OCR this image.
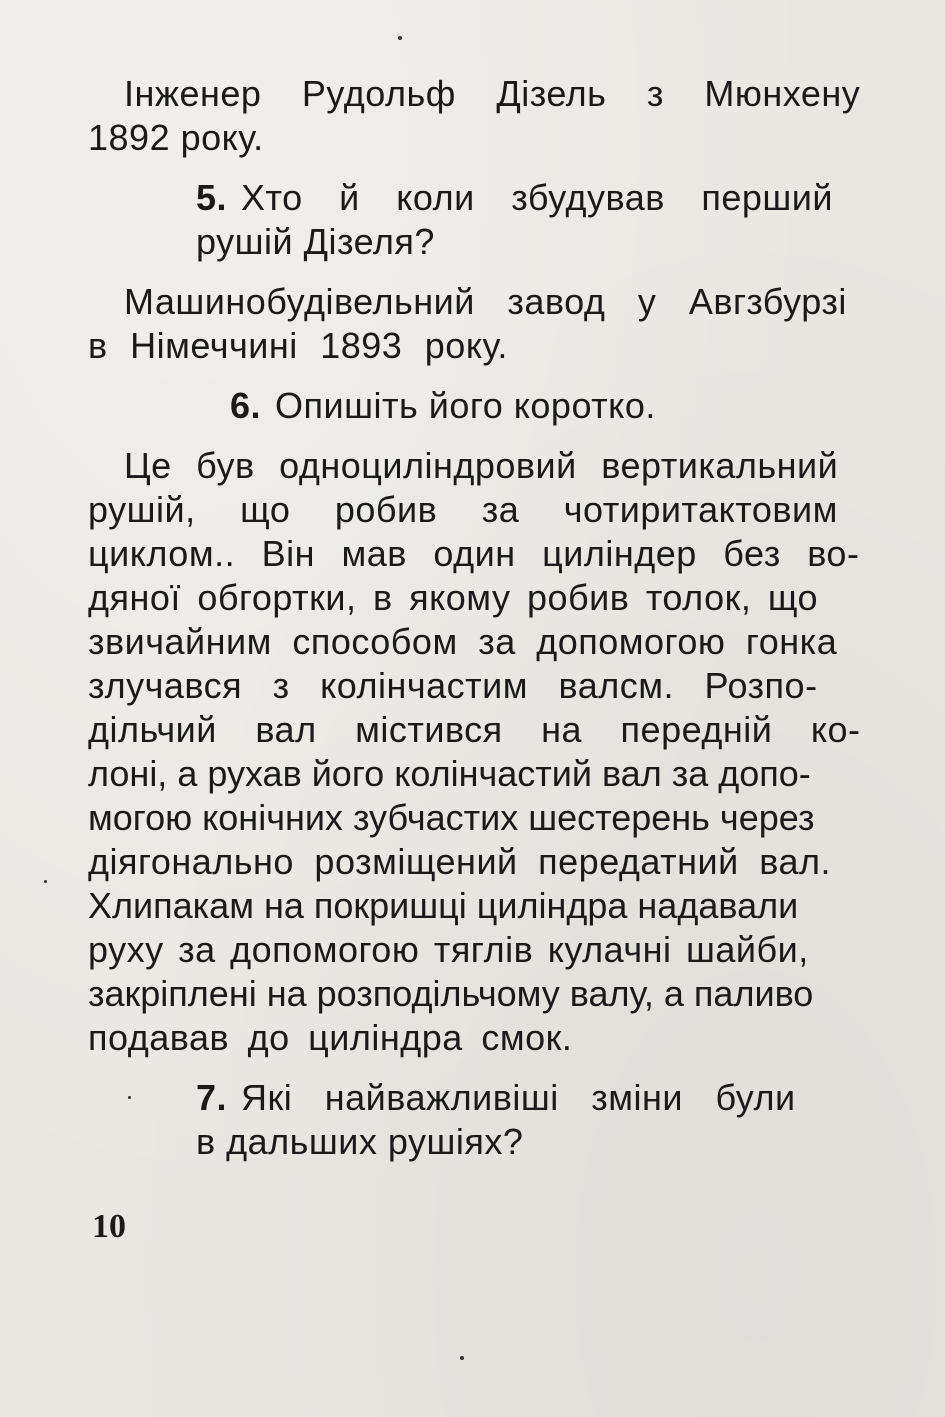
Інженер Рудольф Дізель з Мюнхену
1892 року.
5. Хто й коли збудував перший
рушій Дізеля?
Машинобудівельний завод у Авгзбурзі
в Німеччині 1893 року.
6. Опишіть його коротко.
Це був одноциліндровий вертикальний
рушій, що робив за чотиритактовим
циклом.. Він мав один циліндер без во-
дяної обгортки, в якому робив толок, що
звичайним способом за допомогою гонка
злучався з колінчастим валсм. Розпо-
дільчий вал містився на передній ко-
лоні, а рухав його колінчастий вал за допо-
могою конічних зубчастих шестерень через
діягонально розміщений передатний вал.
Хлипакам на покришці циліндра надавали
руху за допомогою тяглів кулачні шайби,
закріплені на розподільчому валу, а паливо
подавав до циліндра смок.
7. Які найважливіші зміни були
в дальших рушіях?
10
